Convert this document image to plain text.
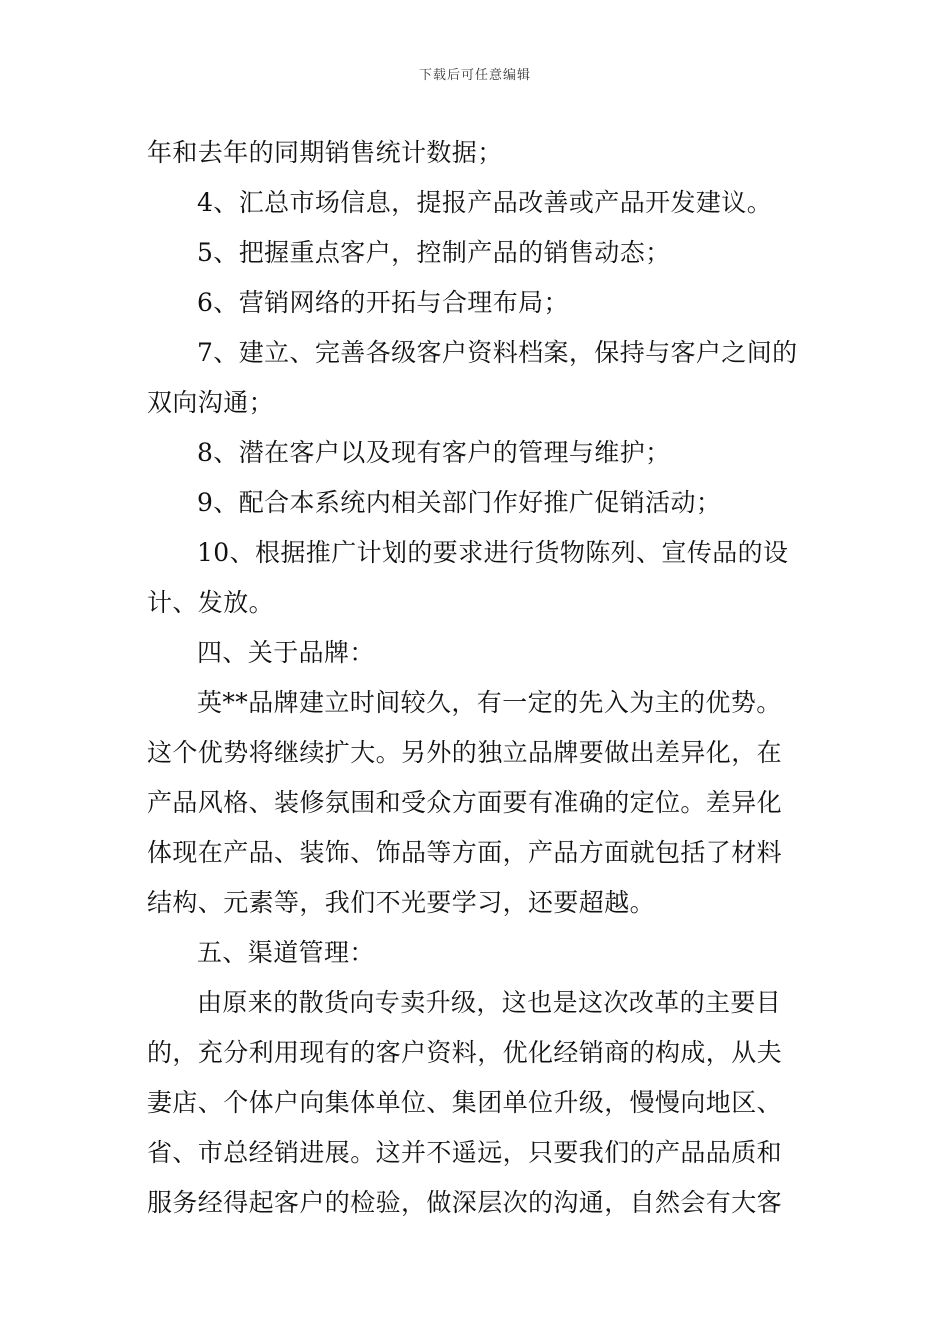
下载后可任意编辑
年和去年的同期销售统计数据；
4、汇总市场信息，提报产品改善或产品开发建议。
5、把握重点客户，控制产品的销售动态；
6、营销网络的开拓与合理布局；
7、建立、完善各级客户资料档案，保持与客户之间的
双向沟通；
8、潜在客户以及现有客户的管理与维护；
9、配合本系统内相关部门作好推广促销活动；
10、根据推广计划的要求进行货物陈列、宣传品的设
计、发放。
四、关于品牌：
英**品牌建立时间较久，有一定的先入为主的优势。
这个优势将继续扩大。另外的独立品牌要做出差异化，在
产品风格、装修氛围和受众方面要有准确的定位。差异化
体现在产品、装饰、饰品等方面，产品方面就包括了材料
结构、元素等，我们不光要学习，还要超越。
五、渠道管理：
由原来的散货向专卖升级，这也是这次改革的主要目
的，充分利用现有的客户资料，优化经销商的构成，从夫
妻店、个体户向集体单位、集团单位升级，慢慢向地区、
省、市总经销进展。这并不遥远，只要我们的产品品质和
服务经得起客户的检验，做深层次的沟通，自然会有大客
